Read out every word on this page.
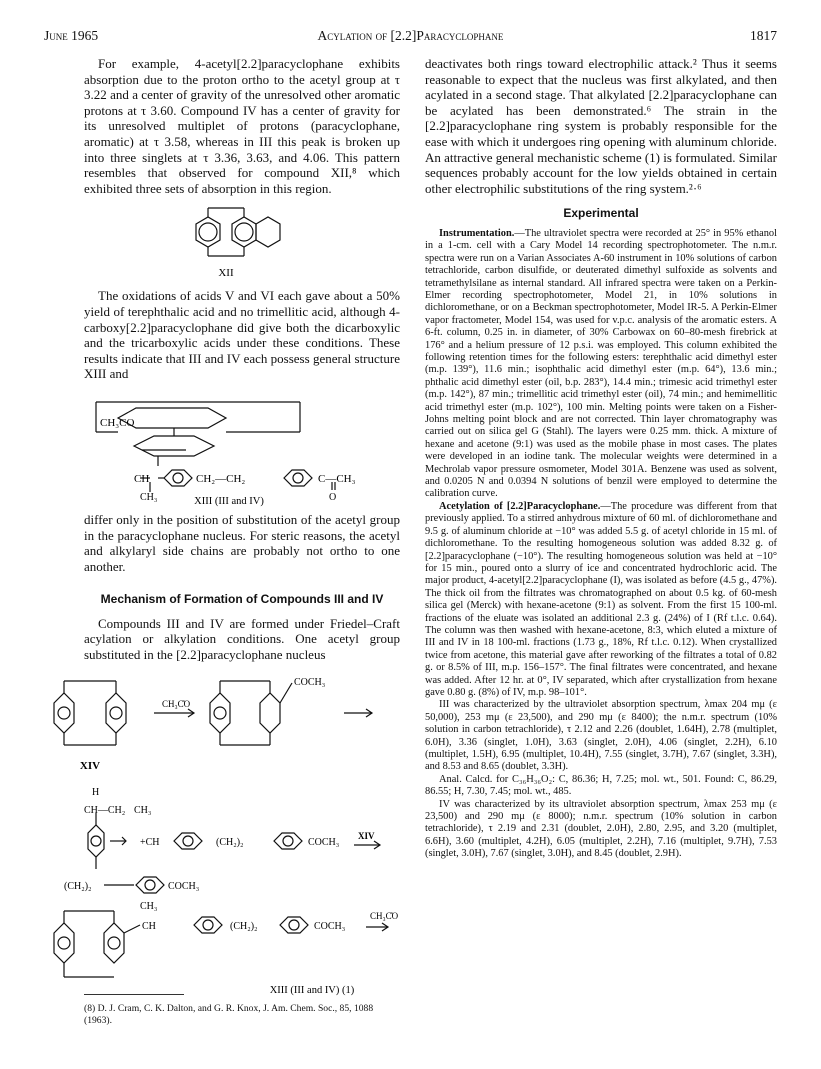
June 1965	Acylation of [2.2]Paracyclophane	1817

For example, 4-acetyl[2.2]paracyclophane exhibits absorption due to the proton ortho to the acetyl group at τ 3.22 and a center of gravity of the unresolved other aromatic protons at τ 3.60. Compound IV has a center of gravity for its unresolved multiplet of protons (paracyclophane, aromatic) at τ 3.58, whereas in III this peak is broken up into three singlets at τ 3.36, 3.63, and 4.06. This pattern resembles that observed for compound XII,⁸ which exhibited three sets of absorption in this region.

XII

The oxidations of acids V and VI each gave about a 50% yield of terephthalic acid and no trimellitic acid, although 4-carboxy[2.2]paracyclophane did give both the dicarboxylic and the tricarboxylic acids under these conditions. These results indicate that III and IV each possess general structure XIII and

CH₃CO
CH	CH₂—CH₂	C—CH₃
O
CH₃	XIII (III and IV)

differ only in the position of substitution of the acetyl group in the paracyclophane nucleus. For steric reasons, the acetyl and alkylaryl side chains are probably not ortho to one another.

Mechanism of Formation of Compounds III and IV

Compounds III and IV are formed under Friedel–Craft acylation or alkylation conditions. One acetyl group substituted in the [2.2]paracyclophane nucleus

CH₃C̊O
COCH₃
XIV
H
CH—CH₂ CH₃
+CH	(CH₂)₂	COCH₃
XIV
(CH₂)₂	COCH₃
CH₃
CH	(CH₂)₂	COCH₃
CH₃C̊O
XIII (III and IV) (1)
(8) D. J. Cram, C. K. Dalton, and G. R. Knox, J. Am. Chem. Soc., 85, 1088 (1963).

deactivates both rings toward electrophilic attack.² Thus it seems reasonable to expect that the nucleus was first alkylated, and then acylated in a second stage. That alkylated [2.2]paracyclophane can be acylated has been demonstrated.⁶ The strain in the [2.2]paracyclophane ring system is probably responsible for the ease with which it undergoes ring opening with aluminum chloride. An attractive general mechanistic scheme (1) is formulated. Similar sequences probably account for the low yields obtained in certain other electrophilic substitutions of the ring system.²·⁶

Experimental

Instrumentation.—The ultraviolet spectra were recorded at 25° in 95% ethanol in a 1-cm. cell with a Cary Model 14 recording spectrophotometer. The n.m.r. spectra were run on a Varian Associates A-60 instrument in 10% solutions of carbon tetrachloride, carbon disulfide, or deuterated dimethyl sulfoxide as solvents and tetramethylsilane as internal standard. All infrared spectra were taken on a Perkin-Elmer recording spectrophotometer, Model 21, in 10% solutions in dichloromethane, or on a Beckman spectrophotometer, Model IR-5. A Perkin-Elmer vapor fractometer, Model 154, was used for v.p.c. analysis of the aromatic esters. A 6-ft. column, 0.25 in. in diameter, of 30% Carbowax on 60–80-mesh firebrick at 176° and a helium pressure of 12 p.s.i. was employed. This column exhibited the following retention times for the following esters: terephthalic acid dimethyl ester (m.p. 139°), 11.6 min.; isophthalic acid dimethyl ester (m.p. 64°), 13.6 min.; phthalic acid dimethyl ester (oil, b.p. 283°), 14.4 min.; trimesic acid trimethyl ester (m.p. 142°), 87 min.; trimellitic acid trimethyl ester (oil), 74 min.; and hemimellitic acid trimethyl ester (m.p. 102°), 100 min. Melting points were taken on a Fisher-Johns melting point block and are not corrected. Thin layer chromatography was carried out on silica gel G (Stahl). The layers were 0.25 mm. thick. A mixture of hexane and acetone (9:1) was used as the mobile phase in most cases. The plates were developed in an iodine tank. The molecular weights were determined in a Mechrolab vapor pressure osmometer, Model 301A. Benzene was used as solvent, and 0.0205 N and 0.0394 N solutions of benzil were employed to determine the calibration curve.

Acetylation of [2.2]Paracyclophane.—The procedure was different from that previously applied. To a stirred anhydrous mixture of 60 ml. of dichloromethane and 9.5 g. of aluminum chloride at −10° was added 5.5 g. of acetyl chloride in 15 ml. of dichloromethane. To the resulting homogeneous solution was added 8.32 g. of [2.2]paracyclophane (−10°). The resulting homogeneous solution was held at −10° for 15 min., poured onto a slurry of ice and concentrated hydrochloric acid. The major product, 4-acetyl[2.2]paracyclophane (I), was isolated as before (4.5 g., 47%). The thick oil from the filtrates was chromatographed on about 0.5 kg. of 60-mesh silica gel (Merck) with hexane-acetone (9:1) as solvent. From the first 15 100-ml. fractions of the eluate was isolated an additional 2.3 g. (24%) of I (Rf t.l.c. 0.64). The column was then washed with hexane-acetone, 8:3, which eluted a mixture of III and IV in 18 100-ml. fractions (1.73 g., 18%, Rf t.l.c. 0.12). When crystallized twice from acetone, this material gave after reworking of the filtrates a total of 0.82 g. or 8.5% of III, m.p. 156–157°. The final filtrates were concentrated, and hexane was added. After 12 hr. at 0°, IV separated, which after crystallization from hexane gave 0.80 g. (8%) of IV, m.p. 98–101°.

III was characterized by the ultraviolet absorption spectrum, λmax 204 mμ (ε 50,000), 253 mμ (ε 23,500), and 290 mμ (ε 8400); the n.m.r. spectrum (10% solution in carbon tetrachloride), τ 2.12 and 2.26 (doublet, 1.64H), 2.78 (multiplet, 6.0H), 3.36 (singlet, 1.0H), 3.63 (singlet, 2.0H), 4.06 (singlet, 2.2H), 6.10 (multiplet, 1.5H), 6.95 (multiplet, 10.4H), 7.55 (singlet, 3.7H), 7.67 (singlet, 3.3H), and 8.53 and 8.65 (doublet, 3.3H).

Anal. Calcd. for C₃₆H₃₆O₂: C, 86.36; H, 7.25; mol. wt., 501. Found: C, 86.29, 86.55; H, 7.30, 7.45; mol. wt., 485.

IV was characterized by its ultraviolet absorption spectrum, λmax 253 mμ (ε 23,500) and 290 mμ (ε 8000); n.m.r. spectrum (10% solution in carbon tetrachloride), τ 2.19 and 2.31 (doublet, 2.0H), 2.80, 2.95, and 3.20 (multiplet, 6.6H), 3.60 (multiplet, 4.2H), 6.05 (multiplet, 2.2H), 7.16 (multiplet, 9.7H), 7.53 (singlet, 3.0H), 7.67 (singlet, 3.0H), and 8.45 (doublet, 2.9H).
